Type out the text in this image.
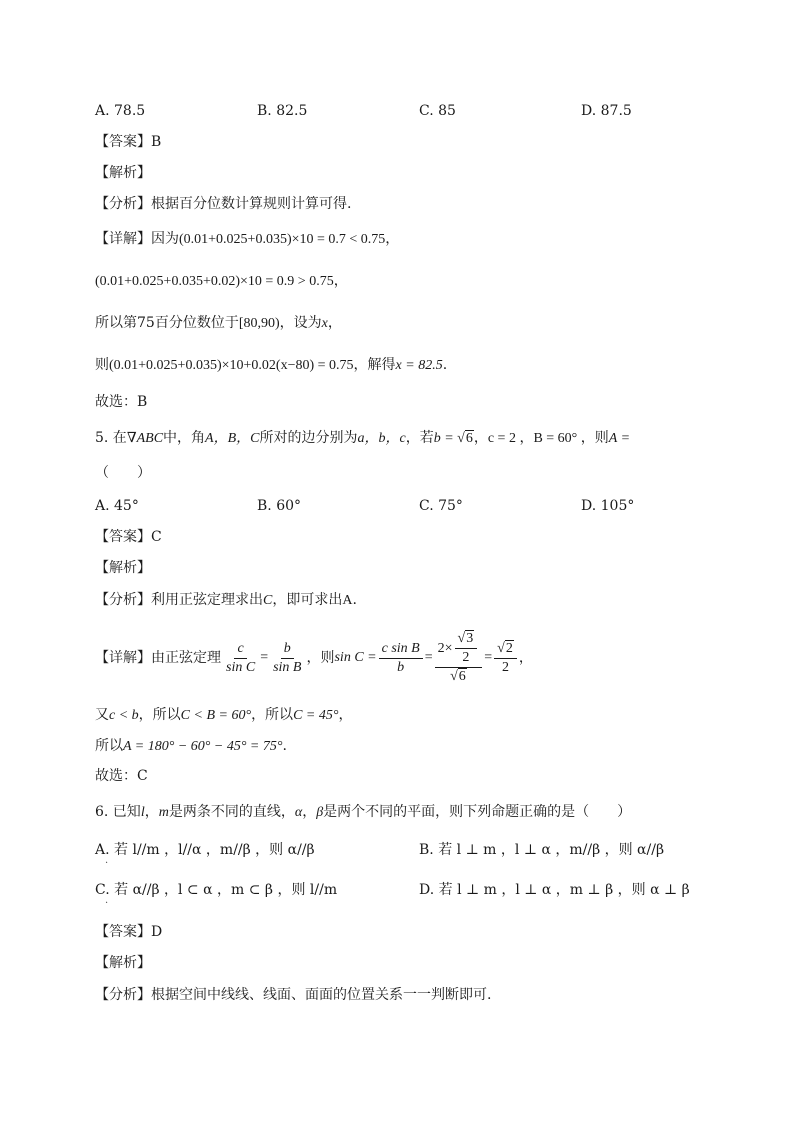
A. 78.5	B. 82.5	C. 85	D. 87.5
【答案】B
【解析】
【分析】根据百分位数计算规则计算可得.
【详解】因为(0.01+0.025+0.035)×10 = 0.7 < 0.75，
(0.01+0.025+0.035+0.02)×10 = 0.9 > 0.75，
所以第75百分位数位于[80,90)，设为x，
则(0.01+0.025+0.035)×10+0.02(x−80) = 0.75，解得x = 82.5.
故选：B
5. 在∇ABC中，角A，B，C所对的边分别为a，b，c，若b = √6，c = 2 ，B = 60° ，则A =
（　　）
A. 45°	B. 60°	C. 75°	D. 105°
【答案】C
【解析】
【分析】利用正弦定理求出C，即可求出A.
【详解】由正弦定理 $\frac{c}{\text{sin C}} = \frac{b}{\text{sin B}}$ ，则 $\sin C = \frac{\text{c sin B}}{b} = \frac{2\times \frac{√3}{2}}{√6} = \frac{√2}{2}$ ，
又c < b，所以C < B = 60°，所以C = 45°，
所以A = 180° − 60° − 45° = 75°.
故选：C
6. 已知l，m是两条不同的直线，α，β是两个不同的平面，则下列命题正确的是（　　）
A. 若 l//m ，l//α ，m//β ，则 α//β
·
B. 若 l ⊥ m ，l ⊥ α ，m//β ，则 α//β
C. 若 α//β ，l ⊂ α ，m ⊂ β ，则 l//m
·
D. 若 l ⊥ m ，l ⊥ α ，m ⊥ β ，则 α ⊥ β
【答案】D
【解析】
【分析】根据空间中线线、线面、面面的位置关系一一判断即可.
